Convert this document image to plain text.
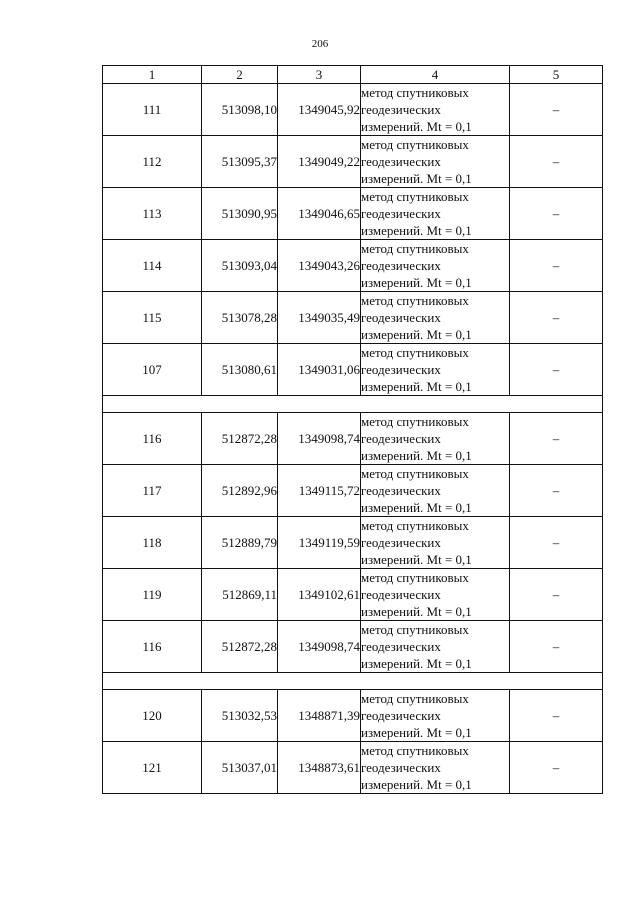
206
1	2	3	4	5
111	513098,10	1349045,92	метод спутниковых
геодезических
измерений. Mt = 0,1	–
112	513095,37	1349049,22	метод спутниковых
геодезических
измерений. Mt = 0,1	–
113	513090,95	1349046,65	метод спутниковых
геодезических
измерений. Mt = 0,1	–
114	513093,04	1349043,26	метод спутниковых
геодезических
измерений. Mt = 0,1	–
115	513078,28	1349035,49	метод спутниковых
геодезических
измерений. Mt = 0,1	–
107	513080,61	1349031,06	метод спутниковых
геодезических
измерений. Mt = 0,1	–

116	512872,28	1349098,74	метод спутниковых
геодезических
измерений. Mt = 0,1	–
117	512892,96	1349115,72	метод спутниковых
геодезических
измерений. Mt = 0,1	–
118	512889,79	1349119,59	метод спутниковых
геодезических
измерений. Mt = 0,1	–
119	512869,11	1349102,61	метод спутниковых
геодезических
измерений. Mt = 0,1	–
116	512872,28	1349098,74	метод спутниковых
геодезических
измерений. Mt = 0,1	–

120	513032,53	1348871,39	метод спутниковых
геодезических
измерений. Mt = 0,1	–
121	513037,01	1348873,61	метод спутниковых
геодезических
измерений. Mt = 0,1	–
